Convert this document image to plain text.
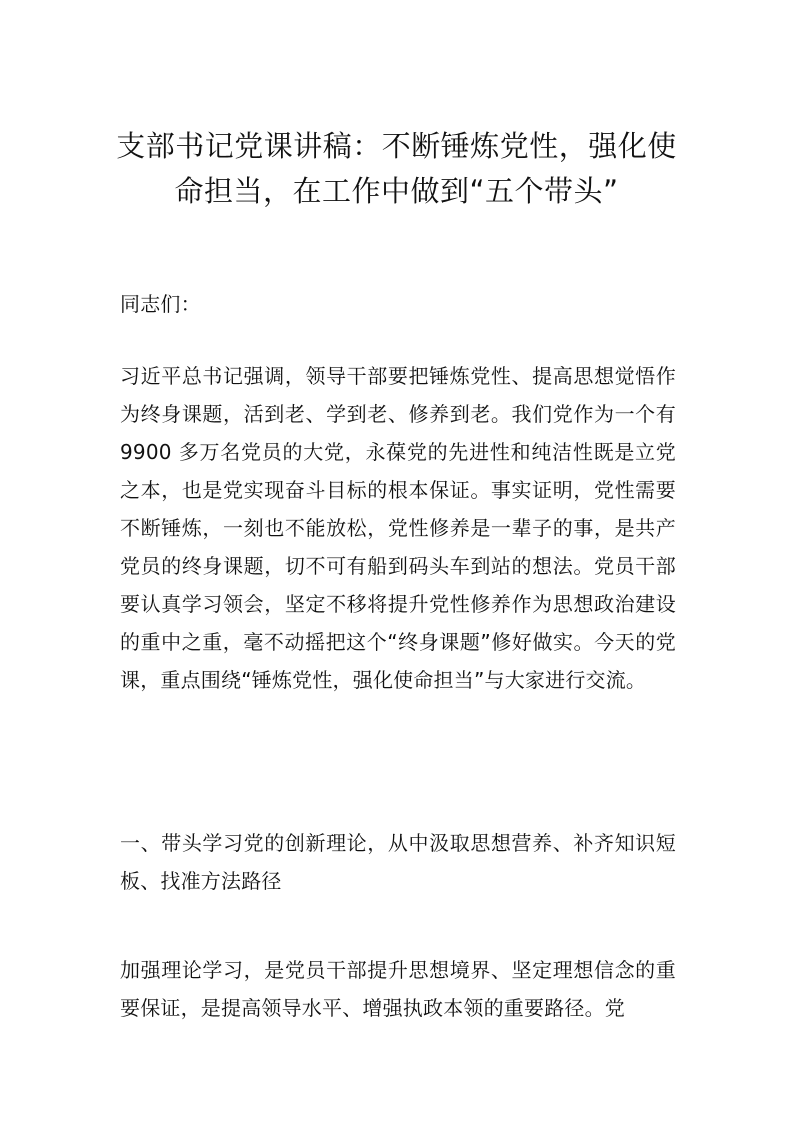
支部书记党课讲稿：不断锤炼党性，强化使
命担当，在工作中做到“五个带头”

同志们：

习近平总书记强调，领导干部要把锤炼党性、提高思想觉悟作为终身课题，活到老、学到老、修养到老。我们党作为一个有 9900 多万名党员的大党，永葆党的先进性和纯洁性既是立党之本，也是党实现奋斗目标的根本保证。事实证明，党性需要不断锤炼，一刻也不能放松，党性修养是一辈子的事，是共产党员的终身课题，切不可有船到码头车到站的想法。党员干部要认真学习领会，坚定不移将提升党性修养作为思想政治建设的重中之重，毫不动摇把这个“终身课题”修好做实。今天的党课，重点围绕“锤炼党性，强化使命担当”与大家进行交流。

一、带头学习党的创新理论，从中汲取思想营养、补齐知识短板、找准方法路径

加强理论学习，是党员干部提升思想境界、坚定理想信念的重要保证，是提高领导水平、增强执政本领的重要路径。党
